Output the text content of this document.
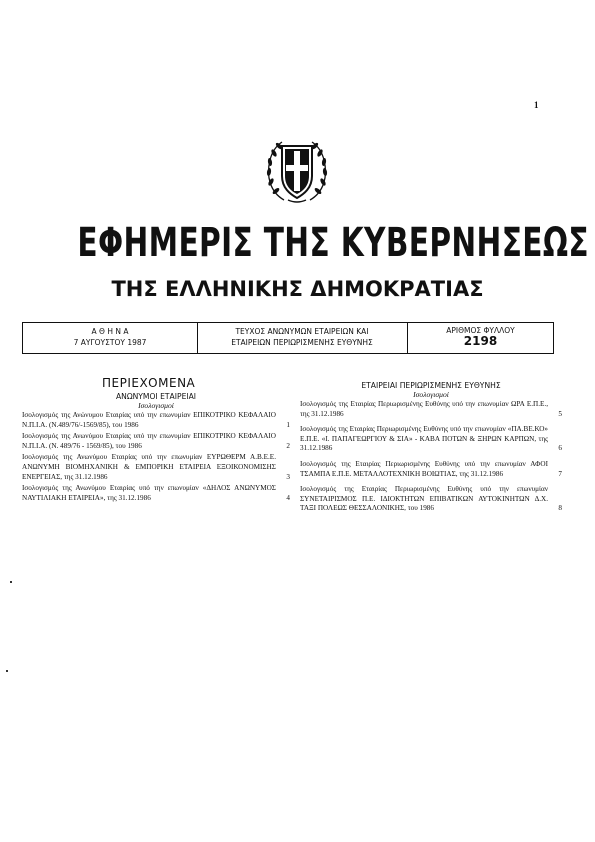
1
ΕΦΗΜΕΡΙΣ ΤΗΣ ΚΥΒΕΡΝΗΣΕΩΣ
ΤΗΣ ΕΛΛΗΝΙΚΗΣ ΔΗΜΟΚΡΑΤΙΑΣ
Α Θ Η Ν Α
7 ΑΥΓΟΥΣΤΟΥ 1987
ΤΕΥΧΟΣ ΑΝΩΝΥΜΩΝ ΕΤΑΙΡΕΙΩΝ ΚΑΙ
ΕΤΑΙΡΕΙΩΝ ΠΕΡΙΩΡΙΣΜΕΝΗΣ ΕΥΘΥΝΗΣ
ΑΡΙΘΜΟΣ ΦΥΛΛΟΥ
2198
ΠΕΡΙΕΧΟΜΕΝΑ
ΑΝΩΝΥΜΟΙ ΕΤΑΙΡΕΙΑΙ
Ισολογισμοί

Ισολογισμός της Ανώνυμου Εταιρίας υπό την επωνυμίαν ΕΠΙΚΟΤΡΙΚΟ ΚΕΦΑΛΑΙΟ Ν.Π.Ι.Α. (Ν.489/76/-1569/85), του 1986	1

Ισολογισμός της Ανωνύμου Εταιρίας υπό την επωνυμίαν ΕΠΙΚΟΤΡΙΚΟ ΚΕΦΑΛΑΙΟ Ν.Π.Ι.Α. (Ν. 489/76 - 1569/85), του 1986	2

Ισολογισμός της Ανωνύμου Εταιρίας υπό την επωνυμίαν ΕΥΡΩΘΕΡΜ Α.Β.Ε.Ε. ΑΝΩΝΥΜΗ ΒΙΟΜΗΧΑΝΙΚΗ & ΕΜΠΟΡΙΚΗ ΕΤΑΙΡΕΙΑ ΕΞΟΙΚΟΝΟΜΙΣΗΣ ΕΝΕΡΓΕΙΑΣ, της 31.12.1986	3

Ισολογισμός της Ανωνύμου Εταιρίας υπό την επωνυμίαν «ΔΗΛΟΣ ΑΝΩΝΥΜΟΣ ΝΑΥΤΙΛΙΑΚΗ ΕΤΑΙΡΕΙΑ», της 31.12.1986	4
ΕΤΑΙΡΕΙΑΙ ΠΕΡΙΩΡΙΣΜΕΝΗΣ ΕΥΘΥΝΗΣ
Ισολογισμοί

Ισολογισμός της Εταιρίας Περιωρισμένης Ευθύνης υπό την επωνυμίαν ΩΡΑ Ε.Π.Ε., της 31.12.1986	5

Ισολογισμός της Εταιρίας Περιωρισμένης Ευθύνης υπό την επωνυμίαν «ΠΑ.ΒΕ.ΚΟ» Ε.Π.Ε. «Ι. ΠΑΠΑΓΕΩΡΓΙΟΥ & ΣΙΑ» - ΚΑΒΑ ΠΟΤΩΝ & ΞΗΡΩΝ ΚΑΡΠΩΝ, της 31.12.1986	6

Ισολογισμός της Εταιρίας Περιωρισμένης Ευθύνης υπό την επωνυμίαν ΑΦΟΙ ΤΣΑΜΠΑ Ε.Π.Ε. ΜΕΤΑΛΛΟΤΕΧΝΙΚΗ ΒΟΙΩΤΙΑΣ, της 31.12.1986	7

Ισολογισμός της Εταιρίας Περιωρισμένης Ευθύνης υπό την επωνυμίαν ΣΥΝΕΤΑΙΡΙΣΜΟΣ Π.Ε. ΙΔΙΟΚΤΗΤΩΝ ΕΠΙΒΑΤΙΚΩΝ ΑΥΤΟΚΙΝΗΤΩΝ Δ.Χ. ΤΑΞΙ ΠΟΛΕΩΣ ΘΕΣΣΑΛΟΝΙΚΗΣ, του 1986	8
